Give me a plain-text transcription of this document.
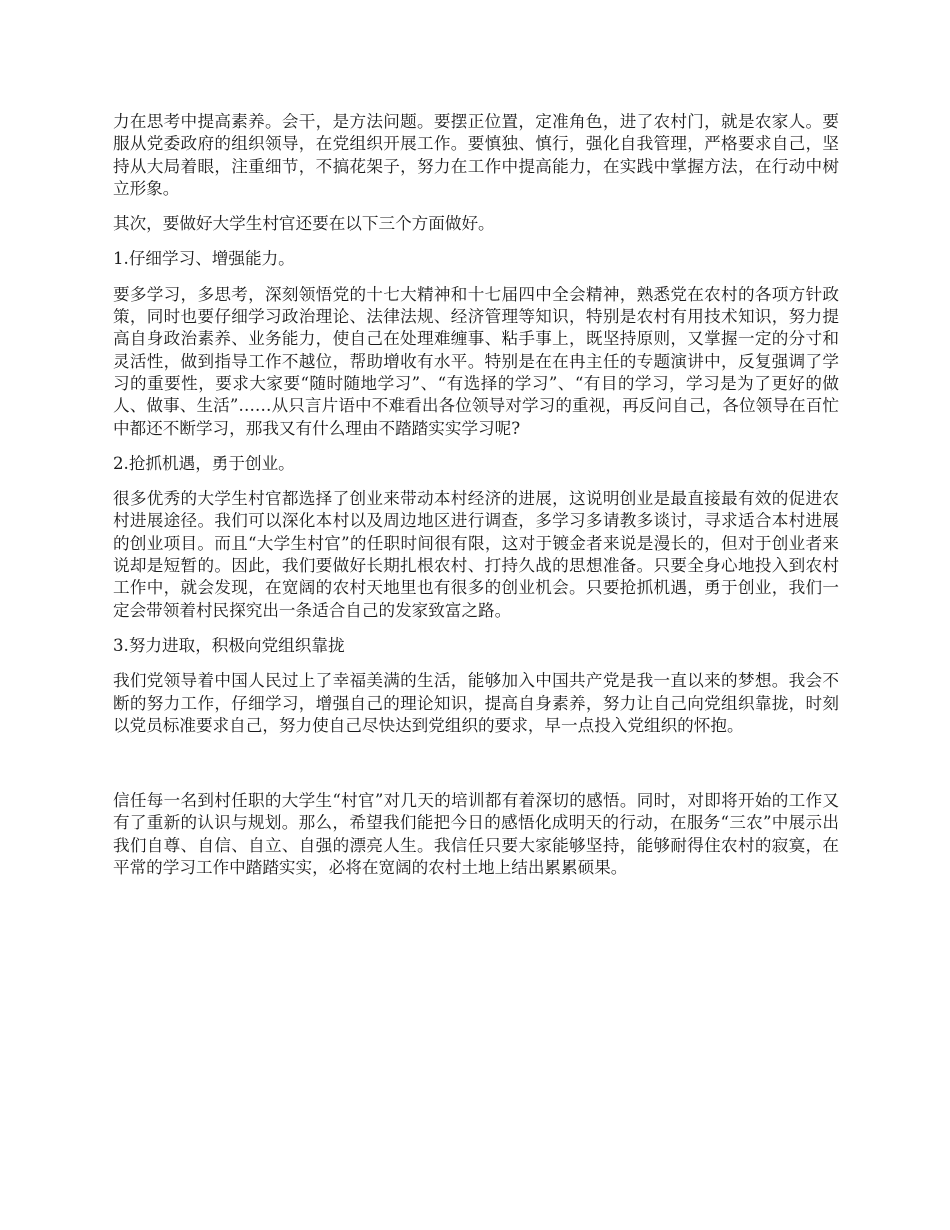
力在思考中提高素养。会干，是方法问题。要摆正位置，定准角色，进了农村门，就是农家人。要服从党委政府的组织领导，在党组织开展工作。要慎独、慎行，强化自我管理，严格要求自己，坚持从大局着眼，注重细节，不搞花架子，努力在工作中提高能力，在实践中掌握方法，在行动中树立形象。

其次，要做好大学生村官还要在以下三个方面做好。

1.仔细学习、增强能力。

要多学习，多思考，深刻领悟党的十七大精神和十七届四中全会精神，熟悉党在农村的各项方针政策，同时也要仔细学习政治理论、法律法规、经济管理等知识，特别是农村有用技术知识，努力提高自身政治素养、业务能力，使自己在处理难缠事、粘手事上，既坚持原则，又掌握一定的分寸和灵活性，做到指导工作不越位，帮助增收有水平。特别是在在冉主任的专题演讲中，反复强调了学习的重要性，要求大家要“随时随地学习”、“有选择的学习”、“有目的学习，学习是为了更好的做人、做事、生活”……从只言片语中不难看出各位领导对学习的重视，再反问自己，各位领导在百忙中都还不断学习，那我又有什么理由不踏踏实实学习呢?

2.抢抓机遇，勇于创业。

很多优秀的大学生村官都选择了创业来带动本村经济的进展，这说明创业是最直接最有效的促进农村进展途径。我们可以深化本村以及周边地区进行调查，多学习多请教多谈讨，寻求适合本村进展的创业项目。而且“大学生村官”的任职时间很有限，这对于镀金者来说是漫长的，但对于创业者来说却是短暂的。因此，我们要做好长期扎根农村、打持久战的思想准备。只要全身心地投入到农村工作中，就会发现，在宽阔的农村天地里也有很多的创业机会。只要抢抓机遇，勇于创业，我们一定会带领着村民探究出一条适合自己的发家致富之路。

3.努力进取，积极向党组织靠拢

我们党领导着中国人民过上了幸福美满的生活，能够加入中国共产党是我一直以来的梦想。我会不断的努力工作，仔细学习，增强自己的理论知识，提高自身素养，努力让自己向党组织靠拢，时刻以党员标准要求自己，努力使自己尽快达到党组织的要求，早一点投入党组织的怀抱。

信任每一名到村任职的大学生“村官”对几天的培训都有着深切的感悟。同时，对即将开始的工作又有了重新的认识与规划。那么，希望我们能把今日的感悟化成明天的行动，在服务“三农”中展示出我们自尊、自信、自立、自强的漂亮人生。我信任只要大家能够坚持，能够耐得住农村的寂寞，在平常的学习工作中踏踏实实，必将在宽阔的农村土地上结出累累硕果。
